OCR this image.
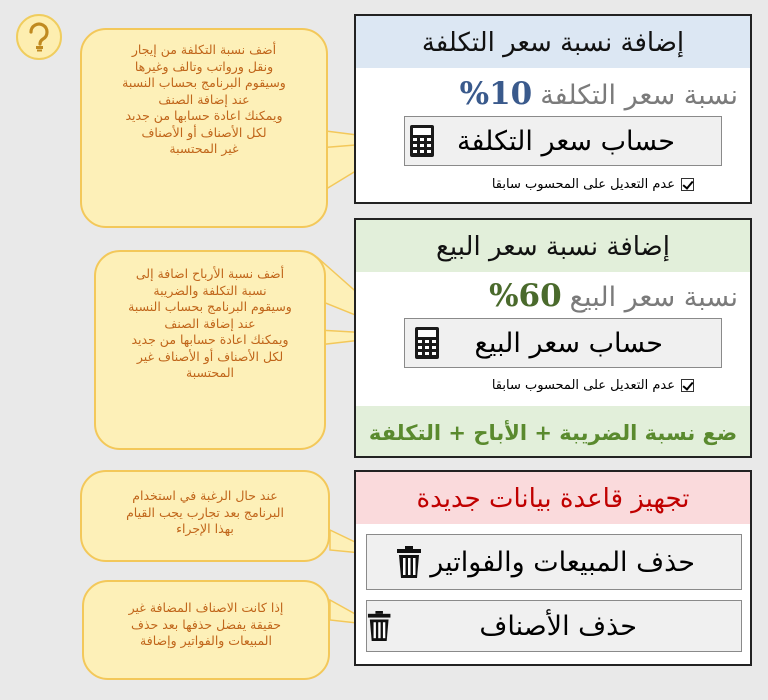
إضافة نسبة سعر التكلفة
نسبة سعر التكلفة10%
حساب سعر التكلفة
عدم التعديل على المحسوب سابقا
إضافة نسبة سعر البيع
نسبة سعر البيع60%
حساب سعر البيع
عدم التعديل على المحسوب سابقا
ضع نسبة الضريبة + الأباح + التكلفة
تجهيز قاعدة بيانات جديدة
حذف المبيعات والفواتير
حذف الأصناف

أضف نسبة التكلفة من إيجار

ونقل ورواتب وتالف وغيرها

وسيقوم البرنامج بحساب النسبة

عند إضافة الصنف

ويمكنك اعادة حسابها من جديد

لكل الأصناف أو الأصناف

غير المحتسبة

أضف نسبة الأرباح اضافة إلى

نسبة التكلفة والضريبة

وسيقوم البرنامج بحساب النسبة

عند إضافة الصنف

ويمكنك اعادة حسابها من جديد

لكل الأصناف أو الأصناف غير

المحتسبة

عند حال الرغبة في استخدام

البرنامج بعد تجارب يجب القيام

بهذا الإجراء

إذا كانت الاصناف المضافة غير

حقيقة يفضل حذفها بعد حذف

المبيعات والفواتير وإضافة
